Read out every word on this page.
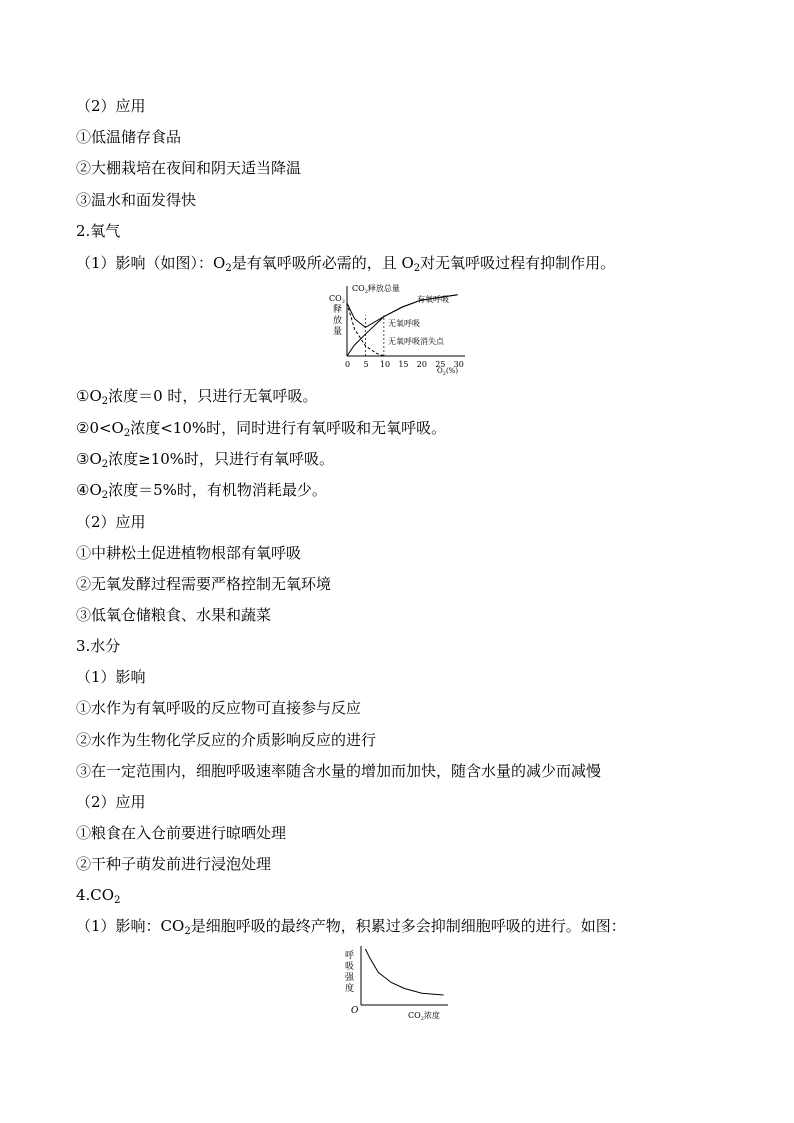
（2）应用
①低温储存食品
②大棚栽培在夜间和阴天适当降温
③温水和面发得快
2.氧气
（1）影响（如图）：$O_2$是有氧呼吸所必需的，且 $O_2$对无氧呼吸过程有抑制作用。
$CO_2$
释
放
量
$CO_2$释放总量
有氧呼吸
无氧呼吸
无氧呼吸消失点
0 5 10 15 20 25 30
$O_2(\%)$
$①O_2$浓度＝0 时，只进行无氧呼吸。
$②0<O_2$浓度<10%时，同时进行有氧呼吸和无氧呼吸。
$③O_2$浓度≥10%时，只进行有氧呼吸。
$④O_2$浓度＝5%时，有机物消耗最少。
（2）应用
①中耕松土促进植物根部有氧呼吸
②无氧发酵过程需要严格控制无氧环境
③低氧仓储粮食、水果和蔬菜
3.水分
（1）影响
①水作为有氧呼吸的反应物可直接参与反应
②水作为生物化学反应的介质影响反应的进行
③在一定范围内，细胞呼吸速率随含水量的增加而加快，随含水量的减少而减慢
（2）应用
①粮食在入仓前要进行晾晒处理
②干种子萌发前进行浸泡处理
$4.CO_2$
（1）影响：$CO_2$是细胞呼吸的最终产物，积累过多会抑制细胞呼吸的进行。如图：
呼
吸
强
度
O	$CO_2$浓度
